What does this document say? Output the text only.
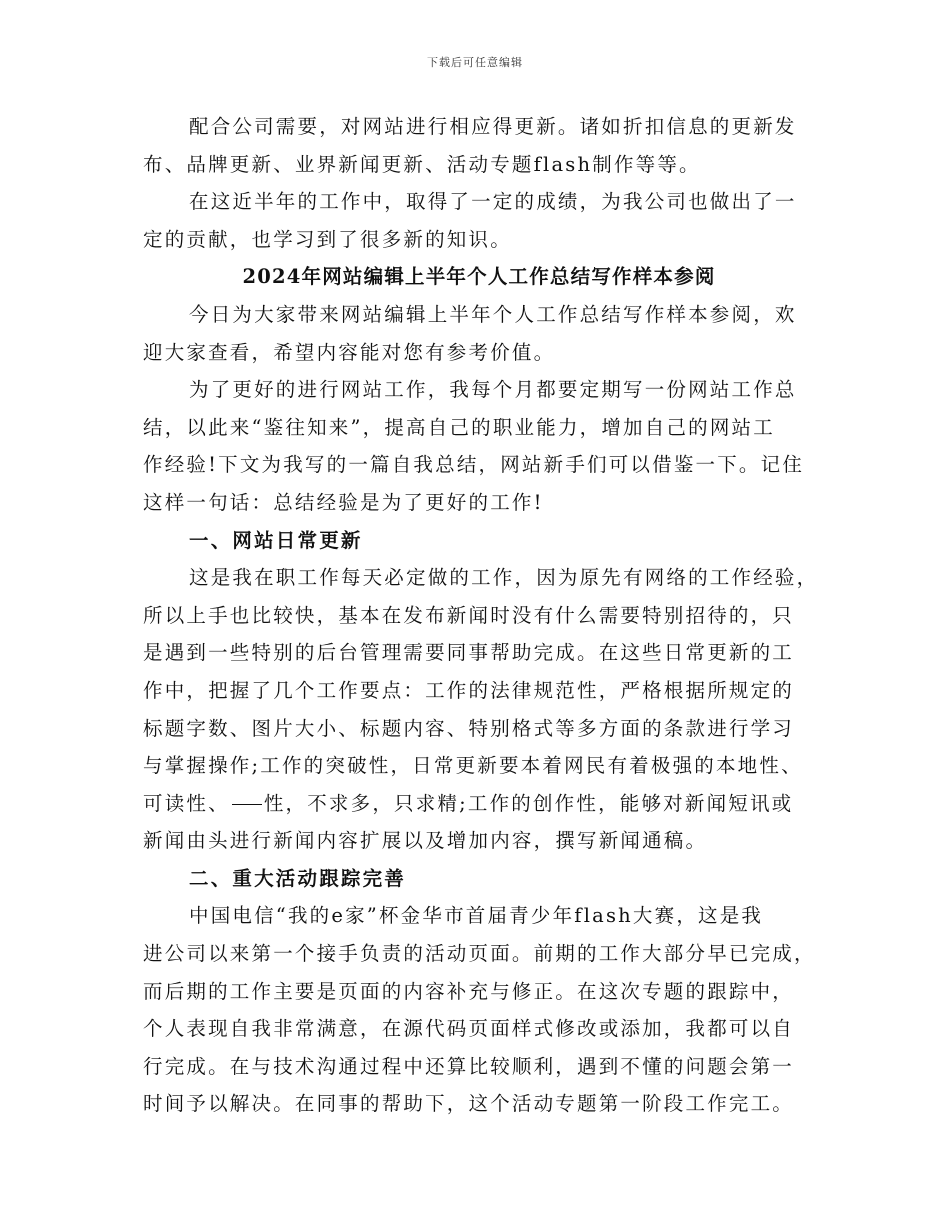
下载后可任意编辑
配合公司需要，对网站进行相应得更新。诸如折扣信息的更新发
布、品牌更新、业界新闻更新、活动专题flash制作等等。
在这近半年的工作中，取得了一定的成绩，为我公司也做出了一
定的贡献，也学习到了很多新的知识。
2024年网站编辑上半年个人工作总结写作样本参阅
今日为大家带来网站编辑上半年个人工作总结写作样本参阅，欢
迎大家查看，希望内容能对您有参考价值。
为了更好的进行网站工作，我每个月都要定期写一份网站工作总
结，以此来“鉴往知来”，提高自己的职业能力，增加自己的网站工
作经验!下文为我写的一篇自我总结，网站新手们可以借鉴一下。记住
这样一句话：总结经验是为了更好的工作!
一、网站日常更新
这是我在职工作每天必定做的工作，因为原先有网络的工作经验，
所以上手也比较快，基本在发布新闻时没有什么需要特别招待的，只
是遇到一些特别的后台管理需要同事帮助完成。在这些日常更新的工
作中，把握了几个工作要点：工作的法律规范性，严格根据所规定的
标题字数、图片大小、标题内容、特别格式等多方面的条款进行学习
与掌握操作;工作的突破性，日常更新要本着网民有着极强的本地性、
可读性、 性，不求多，只求精;工作的创作性，能够对新闻短讯或
新闻由头进行新闻内容扩展以及增加内容，撰写新闻通稿。
二、重大活动跟踪完善
中国电信“我的e家”杯金华市首届青少年flash大赛，这是我
进公司以来第一个接手负责的活动页面。前期的工作大部分早已完成，
而后期的工作主要是页面的内容补充与修正。在这次专题的跟踪中，
个人表现自我非常满意，在源代码页面样式修改或添加，我都可以自
行完成。在与技术沟通过程中还算比较顺利，遇到不懂的问题会第一
时间予以解决。在同事的帮助下，这个活动专题第一阶段工作完工。
